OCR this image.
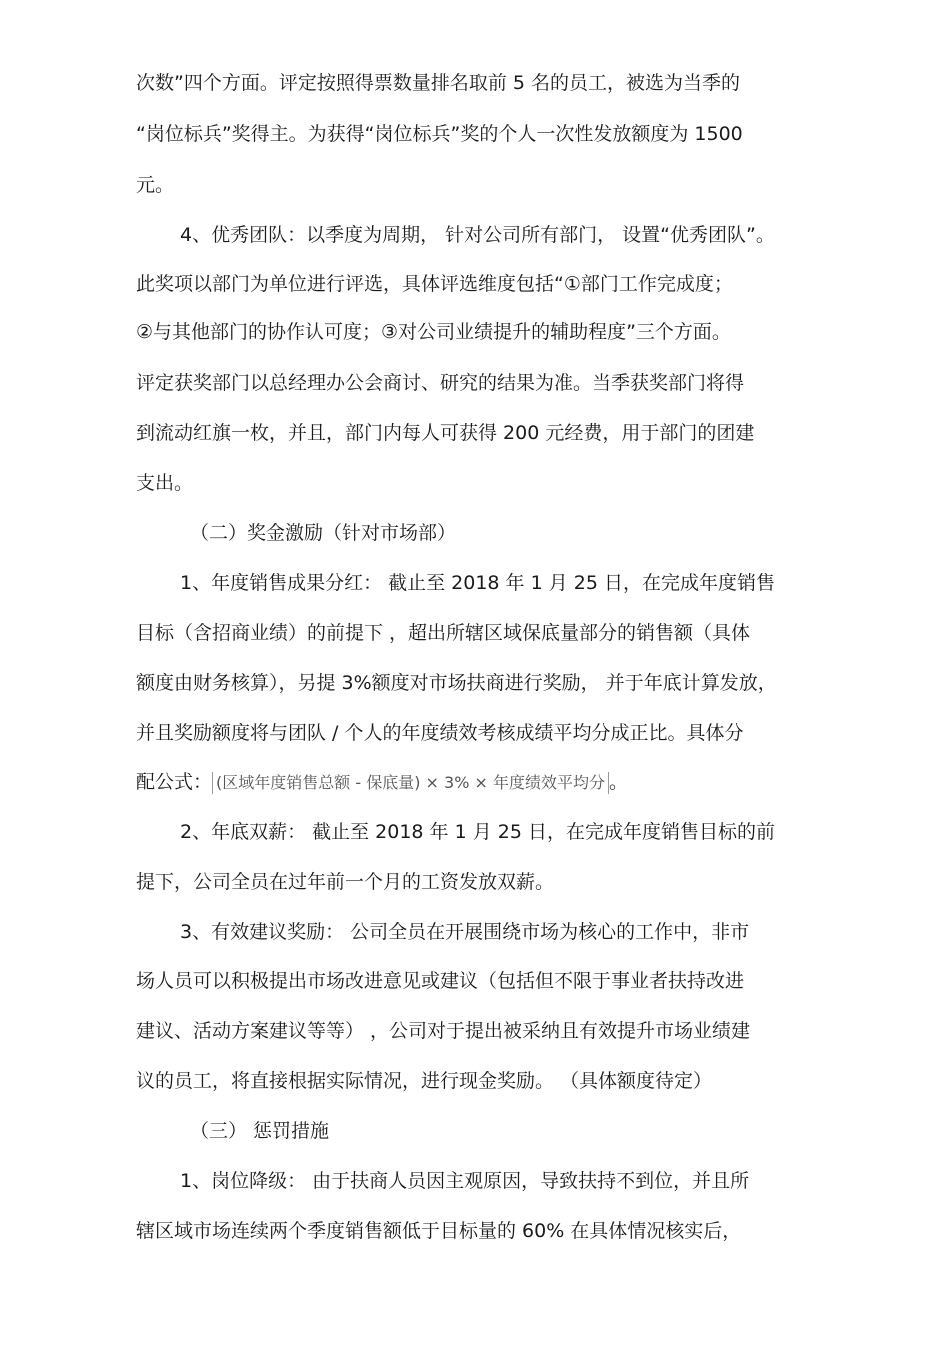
次数”四个方面。评定按照得票数量排名取前 5 名的员工，被选为当季的
“岗位标兵”奖得主。为获得“岗位标兵”奖的个人一次性发放额度为 1500
元。
4、优秀团队：以季度为周期， 针对公司所有部门， 设置“优秀团队”。
此奖项以部门为单位进行评选，具体评选维度包括“①部门工作完成度；
②与其他部门的协作认可度；③对公司业绩提升的辅助程度”三个方面。
评定获奖部门以总经理办公会商讨、研究的结果为准。当季获奖部门将得
到流动红旗一枚，并且，部门内每人可获得 200 元经费，用于部门的团建
支出。
（二）奖金激励（针对市场部）
1、年度销售成果分红： 截止至 2018 年 1 月 25 日，在完成年度销售
目标（含招商业绩）的前提下 ，超出所辖区域保底量部分的销售额（具体
额度由财务核算），另提 3%额度对市场扶商进行奖励， 并于年底计算发放，
并且奖励额度将与团队 / 个人的年度绩效考核成绩平均分成正比。具体分
配公式： (区域年度销售总额 - 保底量) × 3% × 年度绩效平均分 。
2、年底双薪： 截止至 2018 年 1 月 25 日，在完成年度销售目标的前
提下，公司全员在过年前一个月的工资发放双薪。
3、有效建议奖励： 公司全员在开展围绕市场为核心的工作中，非市
场人员可以积极提出市场改进意见或建议（包括但不限于事业者扶持改进
建议、活动方案建议等等） ，公司对于提出被采纳且有效提升市场业绩建
议的员工，将直接根据实际情况，进行现金奖励。 （具体额度待定）
（三） 惩罚措施
1、岗位降级： 由于扶商人员因主观原因，导致扶持不到位，并且所
辖区域市场连续两个季度销售额低于目标量的 60% 在具体情况核实后，
